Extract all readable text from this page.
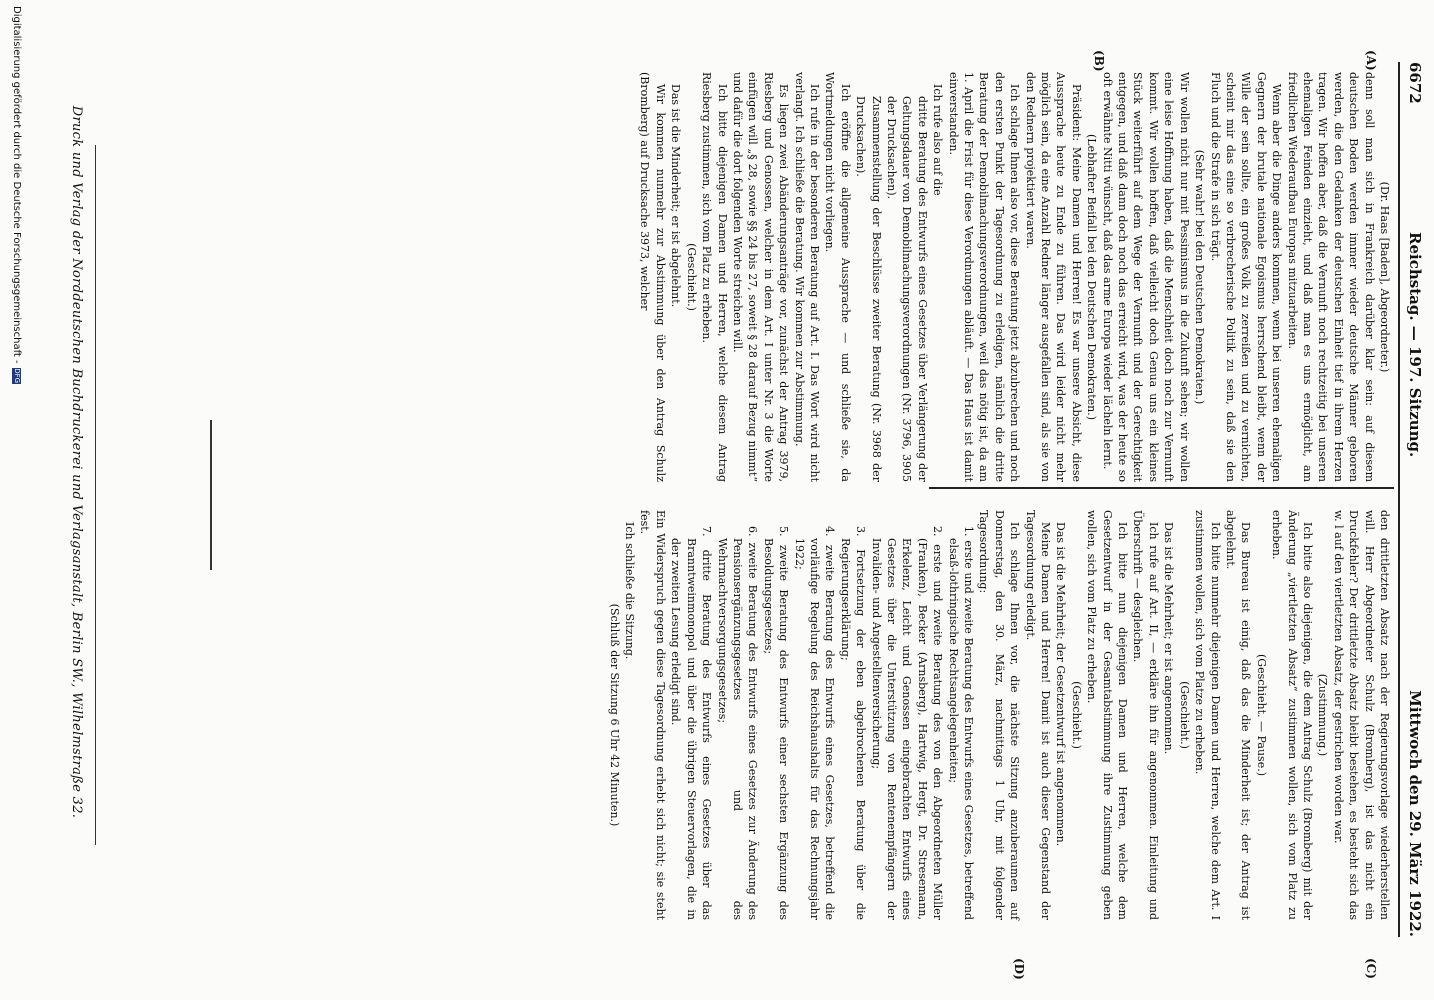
6672
Reichstag. — 197. Sitzung.
Mittwoch den 29. März 1922.
(A)
(B)
(C)
(D)

(Dr. Haas [Baden], Abgeordneter.)

denn soll man sich in Frankreich darüber klar sein: auf diesem deutschen Boden werden immer wieder deutsche Männer geboren werden, die den Gedanken der deutschen Einheit tief in ihrem Herzen tragen. Wir hoffen aber, daß die Vernunft noch rechtzeitig bei unseren ehemaligen Feinden einzieht, und daß man es uns ermöglicht, am friedlichen Wiederaufbau Europas mitzuarbeiten.

Wenn aber die Dinge anders kommen, wenn bei unseren ehemaligen Gegnern der brutale nationale Egoismus herrschend bleibt, wenn der Wille der sein sollte, ein großes Volk zu zerreißen und zu vernichten, scheint mir das eine so verbrecherische Politik zu sein, daß sie den Fluch und die Strafe in sich trägt.

(Sehr wahr! bei den Deutschen Demokraten.)

Wir wollen nicht nur mit Pessimismus in die Zukunft sehen; wir wollen eine leise Hoffnung haben, daß die Menschheit doch noch zur Vernunft kommt. Wir wollen hoffen, daß vielleicht doch Genua uns ein kleines Stück weiterführt auf dem Wege der Vernunft und der Gerechtigkeit entgegen, und daß dann doch noch das erreicht wird, was der heute so oft erwähnte Nitti wünscht, daß das arme Europa wieder lächeln lernt.

(Lebhafter Beifall bei den Deutschen Demokraten.)

Präsident: Meine Damen und Herren! Es war unsere Absicht, diese Aussprache heute zu Ende zu führen. Das wird leider nicht mehr möglich sein, da eine Anzahl Redner länger ausgefallen sind, als sie von den Rednern projektiert waren.

Ich schlage Ihnen also vor, diese Beratung jetzt abzubrechen und noch den ersten Punkt der Tagesordnung zu erledigen, nämlich die dritte Beratung der Demobilmachungsverordnungen, weil das nötig ist, da am 1. April die Frist für diese Verordnungen abläuft. — Das Haus ist damit einverstanden.

Ich rufe also auf die

dritte Beratung des Entwurfs eines Gesetzes über Verlängerung der Geltungsdauer von Demobilmachungsverordnungen (Nr. 3796, 3905 der Drucksachen).

Zusammenstellung der Beschlüsse zweiter Beratung (Nr. 3968 der Drucksachen).

Ich eröffne die allgemeine Aussprache — und schließe sie, da Wortmeldungen nicht vorliegen.

Ich rufe in der besonderen Beratung auf Art. I. Das Wort wird nicht verlangt. Ich schließe die Beratung. Wir kommen zur Abstimmung.

Es liegen zwei Abänderungsanträge vor, zunächst der Antrag 3979, Riesberg und Genossen, welcher in dem Art. I unter Nr. 3 die Worte einfügen will „§ 28, sowie §§ 24 bis 27, soweit § 28 darauf Bezug nimmt“ und dafür die dort folgenden Worte streichen will.

Ich bitte diejenigen Damen und Herren, welche diesem Antrag Riesberg zustimmen, sich vom Platz zu erheben.

(Geschieht.)

Das ist die Minderheit; er ist abgelehnt.

Wir kommen nunmehr zur Abstimmung über den Antrag Schulz (Bromberg) auf Drucksache 3973, welcher

den drittletzten Absatz nach der Regierungsvorlage wiederherstellen will. Herr Abgeordneter Schulz (Bromberg), ist das nicht ein Druckfehler? Der drittletzte Absatz bleibt bestehen, es besteht sich das w. l auf den viertletzten Absatz, der gestrichen worden war.

(Zustimmung.)

Ich bitte also diejenigen, die dem Antrag Schulz (Bromberg) mit der Änderung „viertletzten Absatz“ zustimmen wollen, sich vom Platz zu erheben.

(Geschieht. — Pause.)

Das Bureau ist einig, daß das die Minderheit ist; der Antrag ist abgelehnt.

Ich bitte nunmehr diejenigen Damen und Herren, welche dem Art. I zustimmen wollen, sich vom Platze zu erheben.

(Geschieht.)

Das ist die Mehrheit; er ist angenommen.

Ich rufe auf Art. II, — erkläre ihn für angenommen. Einleitung und Überschrift — desgleichen.

Ich bitte nun diejenigen Damen und Herren, welche dem Gesetzentwurf in der Gesamtabstimmung ihre Zustimmung geben wollen, sich vom Platz zu erheben.

(Geschieht.)

Das ist die Mehrheit; der Gesetzentwurf ist angenommen.

Meine Damen und Herren! Damit ist auch dieser Gegenstand der Tagesordnung erledigt.

Ich schlage Ihnen vor, die nächste Sitzung anzuberaumen auf Donnerstag, den 30. März, nachmittags 1 Uhr, mit folgender Tagesordnung:

1. erste und zweite Beratung des Entwurfs eines Gesetzes, betreffend elsaß-lothringische Rechtsangelegenheiten;

2. erste und zweite Beratung des von den Abgeordneten Müller (Franken), Becker (Arnsberg), Hartwig, Hergt, Dr. Stresemann, Erkelenz, Leicht und Genossen eingebrachten Entwurfs eines Gesetzes über die Unterstützung von Rentenempfängern der Invaliden- und Angestelltenversicherung;

3. Fortsetzung der eben abgebrochenen Beratung über die Regierungserklärung;

4. zweite Beratung des Entwurfs eines Gesetzes, betreffend die vorläufige Regelung des Reichshaushalts für das Rechnungsjahr 1922;

5. zweite Beratung des Entwurfs einer sechsten Ergänzung des Besoldungsgesetzes;

6. zweite Beratung des Entwurfs eines Gesetzes zur Änderung des Pensionsergänzungsgesetzes und des Wehrmachtversorgungsgesetzes;

7. dritte Beratung des Entwurfs eines Gesetzes über das Branntweinmonopol und über die übrigen Steuervorlagen, die in der zweiten Lesung erledigt sind.

Ein Widerspruch gegen diese Tagesordnung erhebt sich nicht; sie steht fest.

Ich schließe die Sitzung.

(Schluß der Sitzung 6 Uhr 42 Minuten.)

Druck und Verlag der Norddeutschen Buchdruckerei und Verlagsanstalt, Berlin SW., Wilhelmstraße 32.
Digitalisierung gefördert durch die Deutsche Forschungsgemeinschaft -DFG
